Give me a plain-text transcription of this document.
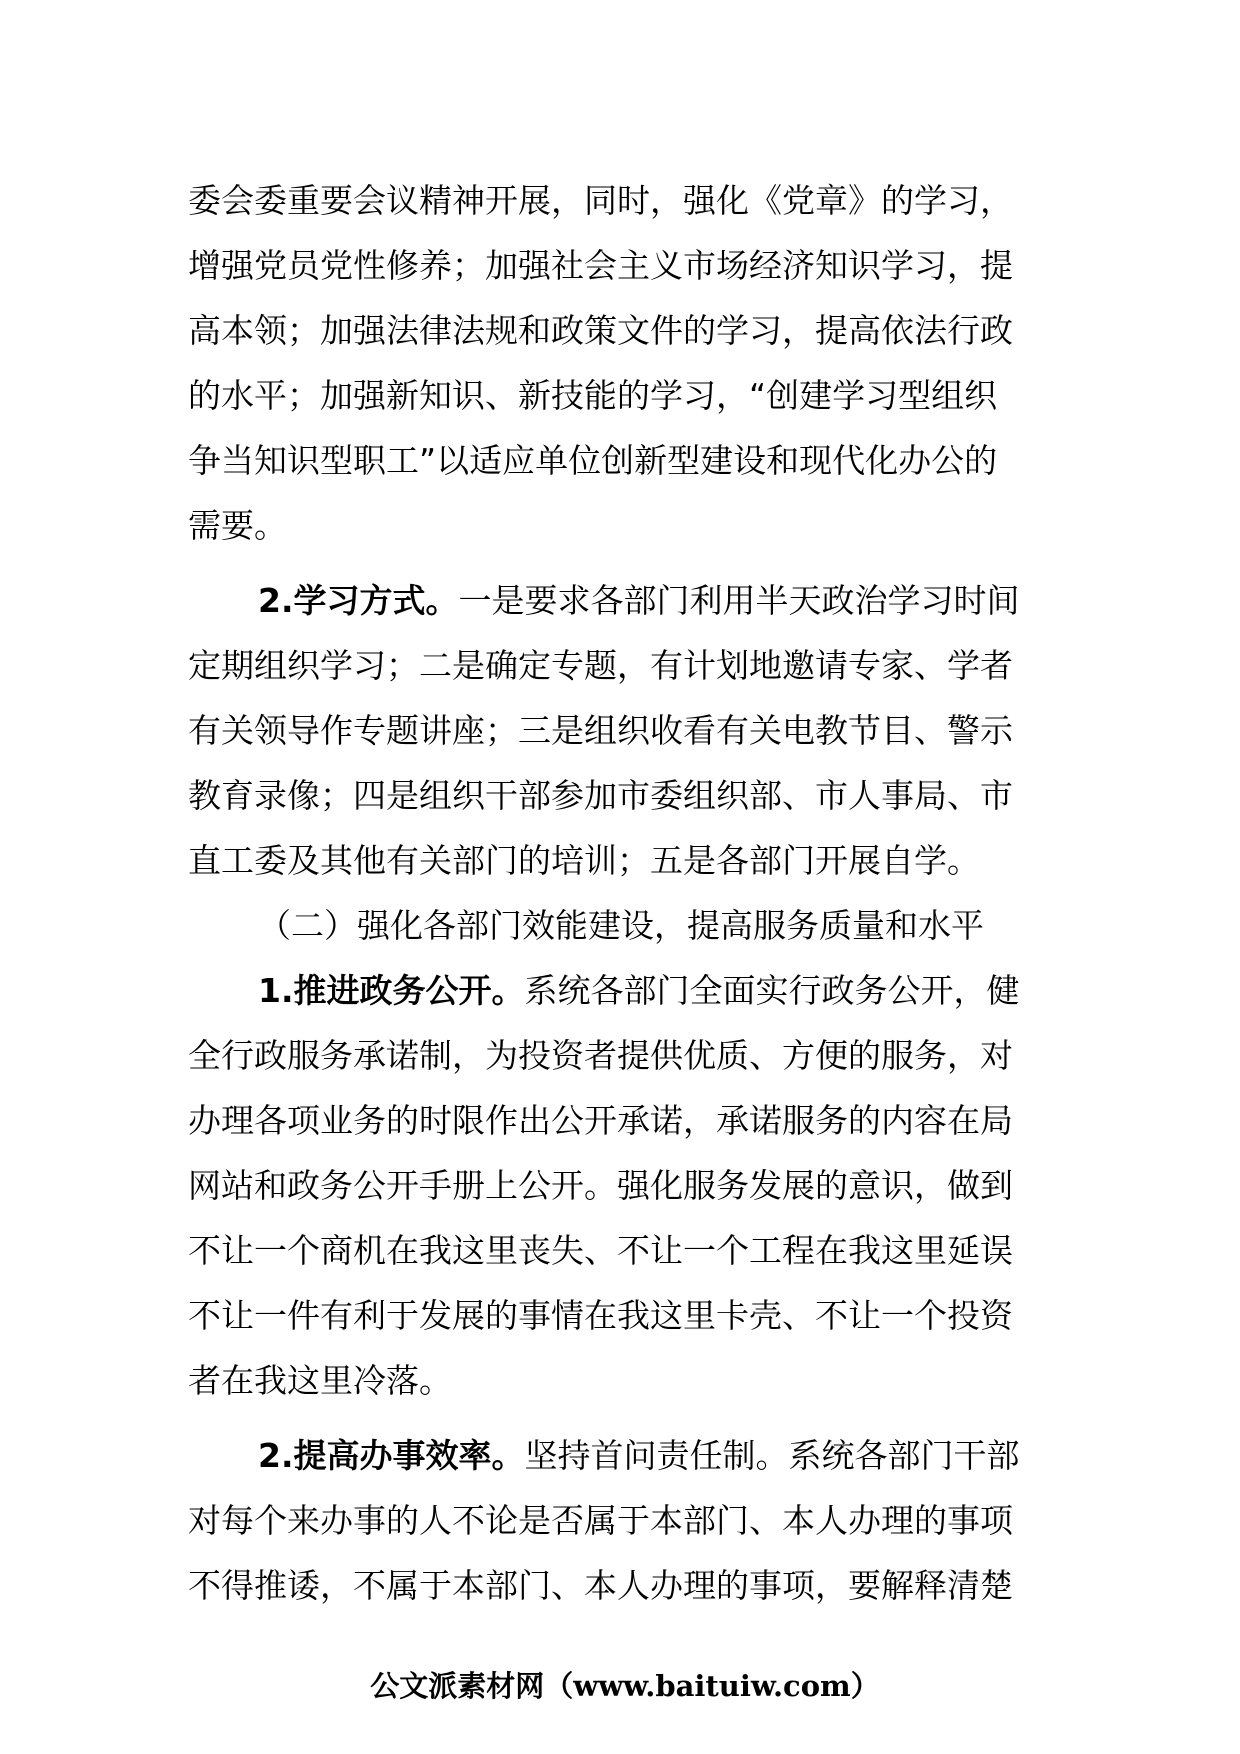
委会委重要会议精神开展，同时，强化《党章》的学习，
增强党员党性修养；加强社会主义市场经济知识学习，提
高本领；加强法律法规和政策文件的学习，提高依法行政
的水平；加强新知识、新技能的学习，“创建学习型组织
争当知识型职工”以适应单位创新型建设和现代化办公的
需要。
2.学习方式。一是要求各部门利用半天政治学习时间
定期组织学习；二是确定专题，有计划地邀请专家、学者
有关领导作专题讲座；三是组织收看有关电教节目、警示
教育录像；四是组织干部参加市委组织部、市人事局、市
直工委及其他有关部门的培训；五是各部门开展自学。
（二）强化各部门效能建设，提高服务质量和水平
1.推进政务公开。系统各部门全面实行政务公开，健
全行政服务承诺制，为投资者提供优质、方便的服务，对
办理各项业务的时限作出公开承诺，承诺服务的内容在局
网站和政务公开手册上公开。强化服务发展的意识，做到
不让一个商机在我这里丧失、不让一个工程在我这里延误
不让一件有利于发展的事情在我这里卡壳、不让一个投资
者在我这里冷落。
2.提高办事效率。坚持首问责任制。系统各部门干部
对每个来办事的人不论是否属于本部门、本人办理的事项
不得推诿，不属于本部门、本人办理的事项，要解释清楚
公文派素材网（www.baituiw.com）
